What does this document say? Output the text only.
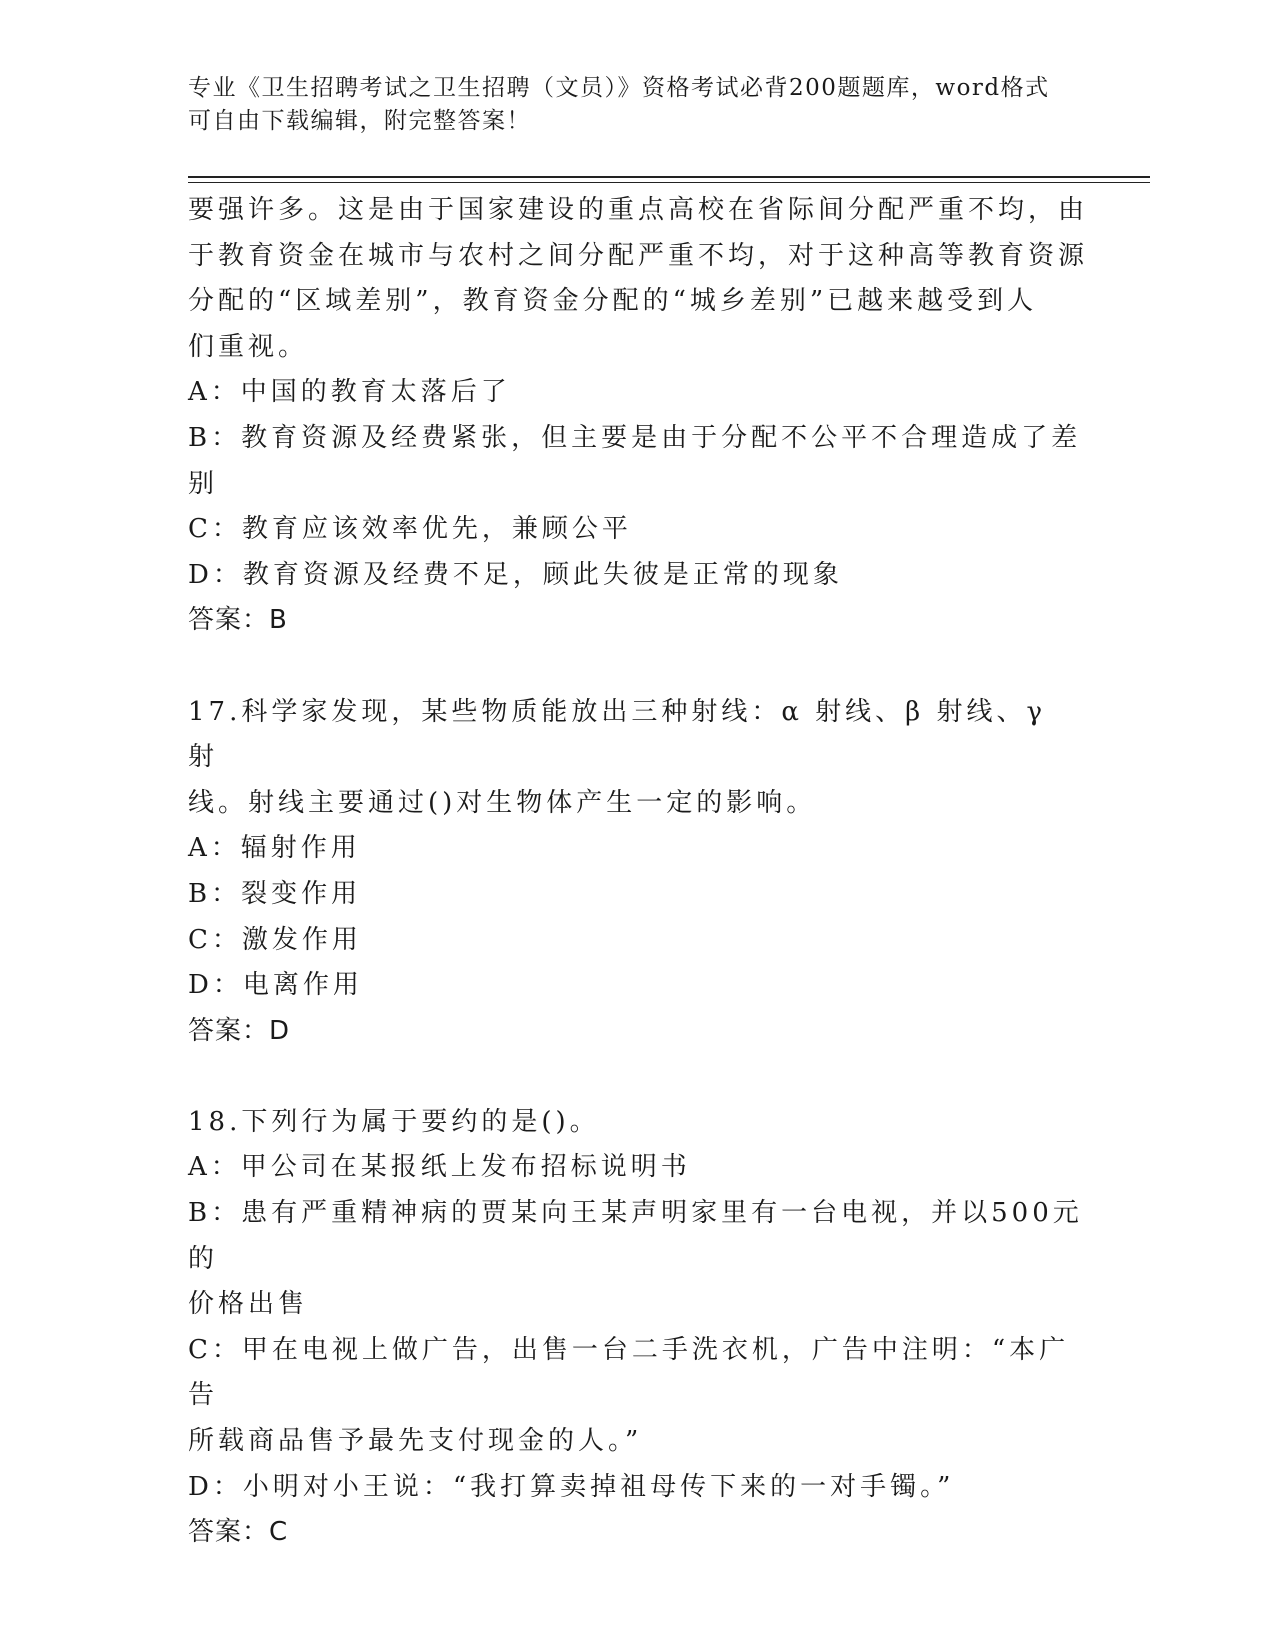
专业《卫生招聘考试之卫生招聘（文员）》资格考试必背200题题库，word格式
可自由下载编辑，附完整答案！

要强许多。这是由于国家建设的重点高校在省际间分配严重不均，由

于教育资金在城市与农村之间分配严重不均，对于这种高等教育资源

分配的“区域差别”，教育资金分配的“城乡差别”已越来越受到人

们重视。

A：中国的教育太落后了

B：教育资源及经费紧张，但主要是由于分配不公平不合理造成了差别

C：教育应该效率优先，兼顾公平

D：教育资源及经费不足，顾此失彼是正常的现象

答案：B

17.科学家发现，某些物质能放出三种射线：α 射线、β 射线、γ 射

线。射线主要通过()对生物体产生一定的影响。

A：辐射作用

B：裂变作用

C：激发作用

D：电离作用

答案：D

18.下列行为属于要约的是()。

A：甲公司在某报纸上发布招标说明书

B：患有严重精神病的贾某向王某声明家里有一台电视，并以500元的

价格出售

C：甲在电视上做广告，出售一台二手洗衣机，广告中注明：“本广告

所载商品售予最先支付现金的人。”

D：小明对小王说：“我打算卖掉祖母传下来的一对手镯。”

答案：C
